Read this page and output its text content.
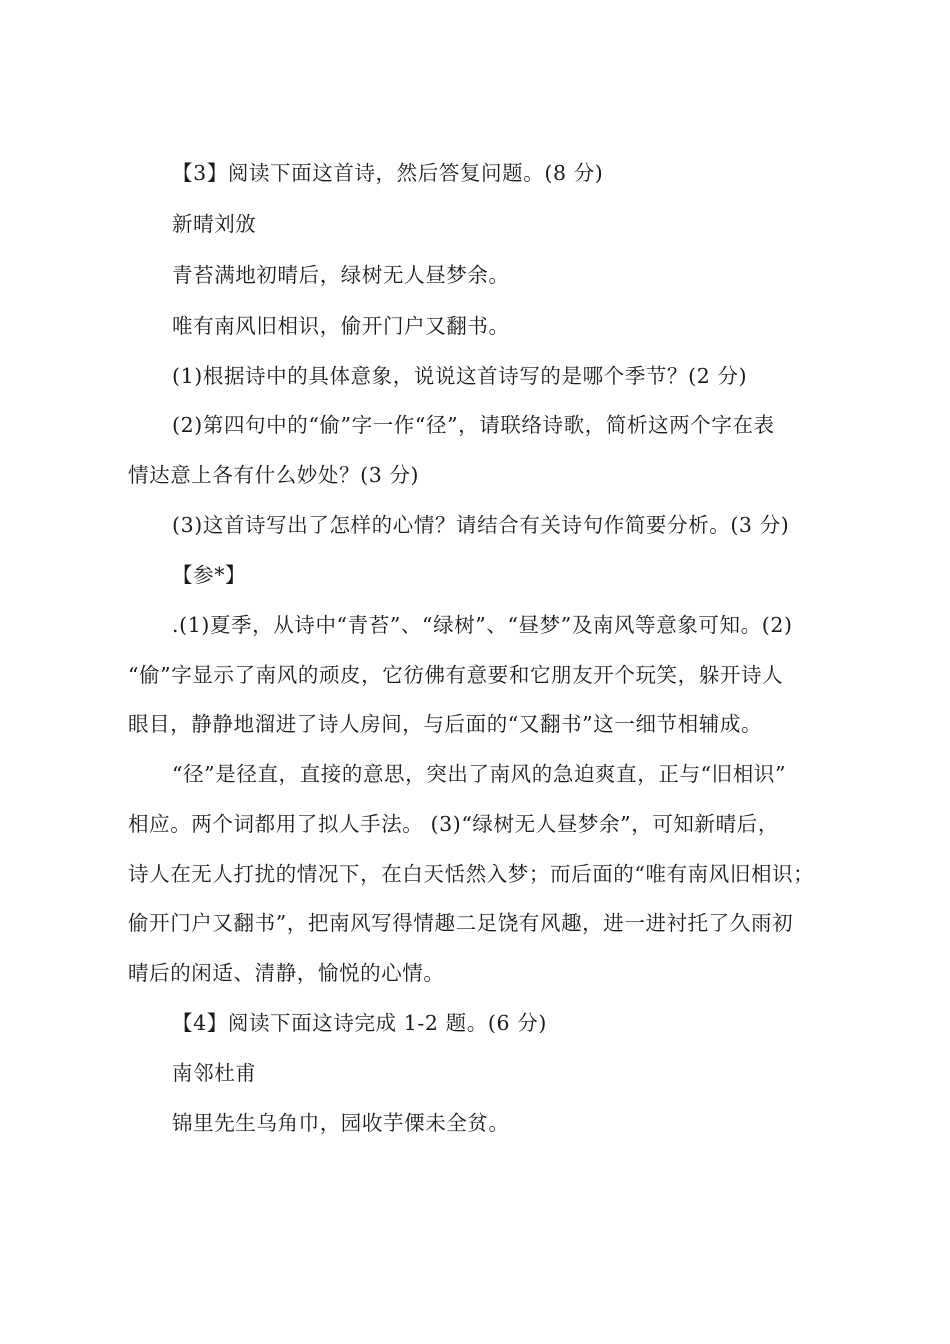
【3】阅读下面这首诗，然后答复问题。(8 分)
新晴刘攽
青苔满地初晴后，绿树无人昼梦余。
唯有南风旧相识，偷开门户又翻书。
(1)根据诗中的具体意象，说说这首诗写的是哪个季节？(2 分)
(2)第四句中的“偷”字一作“径”，请联络诗歌，简析这两个字在表
情达意上各有什么妙处？(3 分)
(3)这首诗写出了怎样的心情？请结合有关诗句作简要分析。(3 分)
【参*】
.(1)夏季，从诗中“青苔”、“绿树”、“昼梦”及南风等意象可知。(2)
“偷”字显示了南风的顽皮，它彷佛有意要和它朋友开个玩笑，躲开诗人
眼目，静静地溜进了诗人房间，与后面的“又翻书”这一细节相辅成。
“径”是径直，直接的意思，突出了南风的急迫爽直，正与“旧相识”
相应。两个词都用了拟人手法。 (3)“绿树无人昼梦余”，可知新晴后，
诗人在无人打扰的情况下，在白天恬然入梦；而后面的“唯有南风旧相识；
偷开门户又翻书”，把南风写得情趣二足饶有风趣，进一进衬托了久雨初
晴后的闲适、清静，愉悦的心情。
【4】阅读下面这诗完成 1-2 题。(6 分)
南邻杜甫
锦里先生乌角巾，园收芋傈未全贫。
